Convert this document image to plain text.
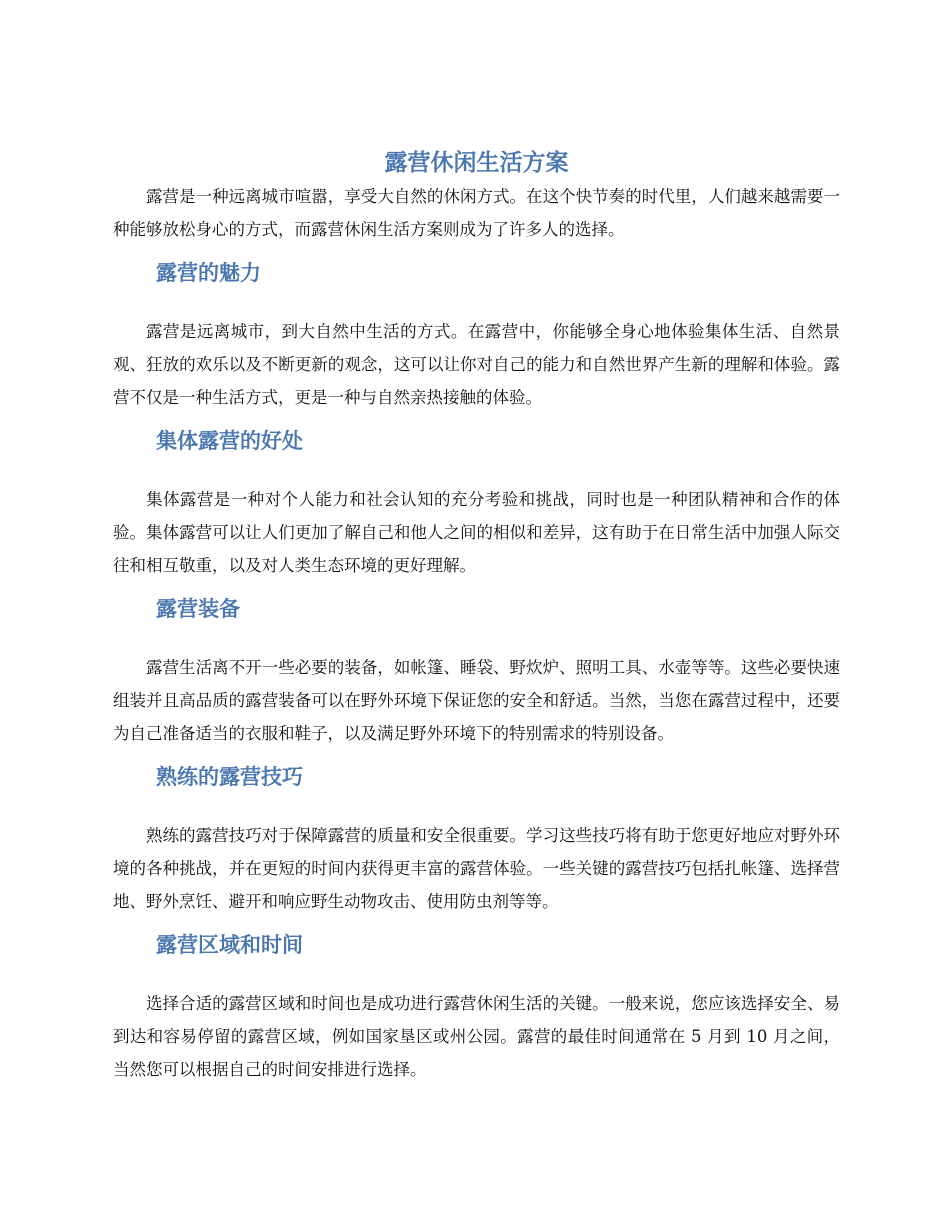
露营休闲生活方案

露营是一种远离城市喧嚣，享受大自然的休闲方式。在这个快节奏的时代里，人们越来越需要一种能够放松身心的方式，而露营休闲生活方案则成为了许多人的选择。

露营的魅力

露营是远离城市，到大自然中生活的方式。在露营中，你能够全身心地体验集体生活、自然景观、狂放的欢乐以及不断更新的观念，这可以让你对自己的能力和自然世界产生新的理解和体验。露营不仅是一种生活方式，更是一种与自然亲热接触的体验。

集体露营的好处

集体露营是一种对个人能力和社会认知的充分考验和挑战，同时也是一种团队精神和合作的体验。集体露营可以让人们更加了解自己和他人之间的相似和差异，这有助于在日常生活中加强人际交往和相互敬重，以及对人类生态环境的更好理解。

露营装备

露营生活离不开一些必要的装备，如帐篷、睡袋、野炊炉、照明工具、水壶等等。这些必要快速组装并且高品质的露营装备可以在野外环境下保证您的安全和舒适。当然，当您在露营过程中，还要为自己准备适当的衣服和鞋子，以及满足野外环境下的特别需求的特别设备。

熟练的露营技巧

熟练的露营技巧对于保障露营的质量和安全很重要。学习这些技巧将有助于您更好地应对野外环境的各种挑战，并在更短的时间内获得更丰富的露营体验。一些关键的露营技巧包括扎帐篷、选择营地、野外烹饪、避开和响应野生动物攻击、使用防虫剂等等。

露营区域和时间

选择合适的露营区域和时间也是成功进行露营休闲生活的关键。一般来说，您应该选择安全、易到达和容易停留的露营区域，例如国家垦区或州公园。露营的最佳时间通常在 5 月到 10 月之间，当然您可以根据自己的时间安排进行选择。
